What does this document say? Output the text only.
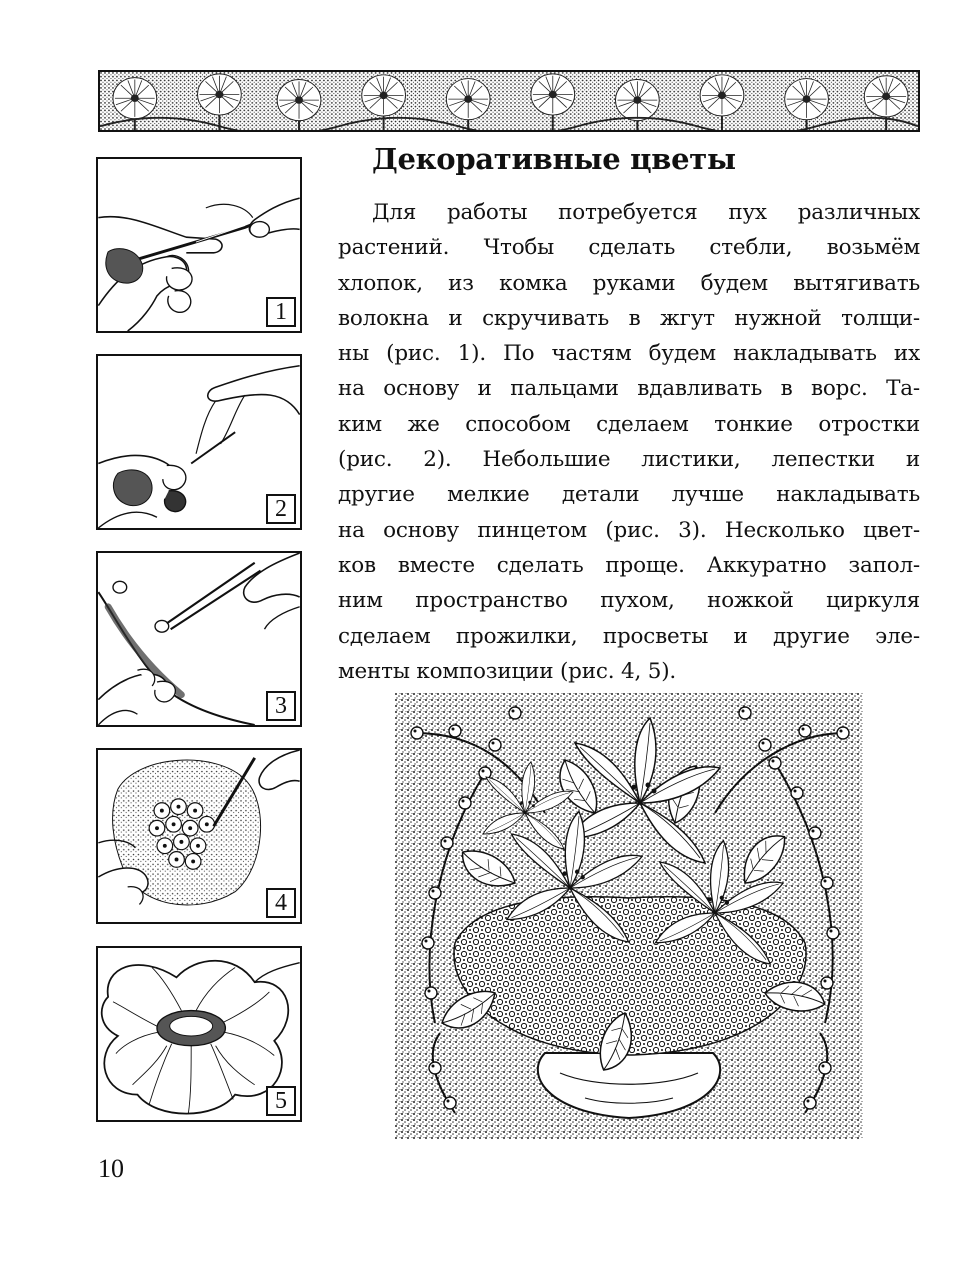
1
2
3
4
5
Декоративные цветы
Для работы потребуется пух различных
растений. Чтобы сделать стебли, возьмём
хлопок, из комка руками будем вытягивать
волокна и скручивать в жгут нужной толщи-
ны (рис. 1). По частям будем накладывать их
на основу и пальцами вдавливать в ворс. Та-
ким же способом сделаем тонкие отростки
(рис. 2). Небольшие листики, лепестки и
другие мелкие детали лучше накладывать
на основу пинцетом (рис. 3). Несколько цвет-
ков вместе сделать проще. Аккуратно запол-
ним пространство пухом, ножкой циркуля
сделаем прожилки, просветы и другие эле-
менты композиции (рис. 4, 5).
10
